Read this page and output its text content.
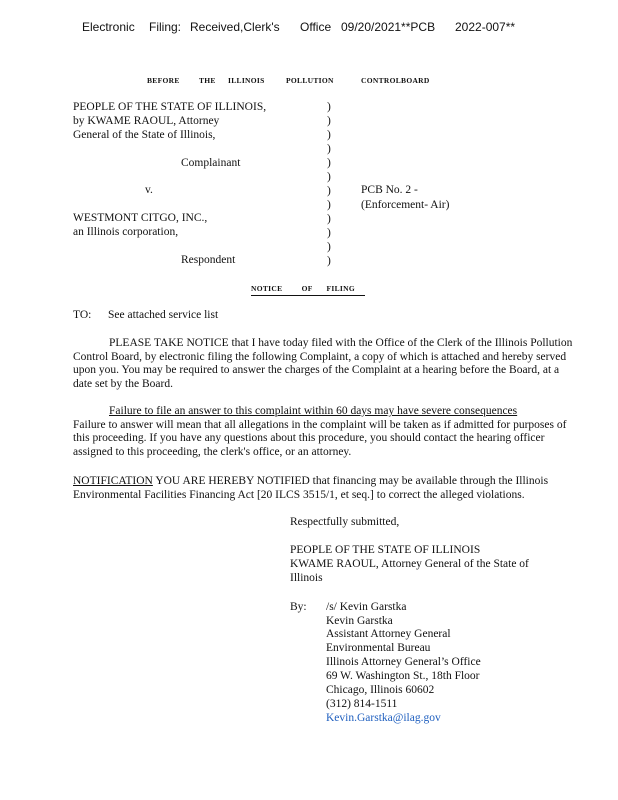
Electronic Filing: Received,Clerk's Office 09/20/2021**PCB 2022-007**
BEFORE	THE ILLINOIS	POLLUTION	CONTROLBOARD
PEOPLE OF THE STATE OF ILLINOIS,
by KWAME RAOUL, Attorney
General of the State of Illinois,
Complainant
v.
WESTMONT CITGO, INC.,
an Illinois corporation,
Respondent
)
)
)
)
)
)
)
)
)
)
)
)
PCB No. 2 -
(Enforcement- Air)
NOTICE	OF FILING
TO: See attached service list
PLEASE TAKE NOTICE that I have today filed with the Office of the Clerk of the Illinois Pollution Control Board, by electronic filing the following Complaint, a copy of which is attached and hereby served upon you. You may be required to answer the charges of the Complaint at a hearing before the Board, at a date set by the Board.
Failure to file an answer to this complaint within 60 days may have severe consequences
Failure to answer will mean that all allegations in the complaint will be taken as if admitted for purposes of this proceeding. If you have any questions about this procedure, you should contact the hearing officer assigned to this proceeding, the clerk's office, or an attorney.
NOTIFICATION YOU ARE HEREBY NOTIFIED that financing may be available through the Illinois Environmental Facilities Financing Act [20 ILCS 3515/1, et seq.] to correct the alleged violations.
Respectfully submitted,
PEOPLE OF THE STATE OF ILLINOIS
KWAME RAOUL, Attorney General of the State of
Illinois
By: /s/ Kevin Garstka
Kevin Garstka
Assistant Attorney General
Environmental Bureau
Illinois Attorney General’s Office
69 W. Washington St., 18th Floor
Chicago, Illinois 60602
(312) 814-1511
Kevin.Garstka@ilag.gov
